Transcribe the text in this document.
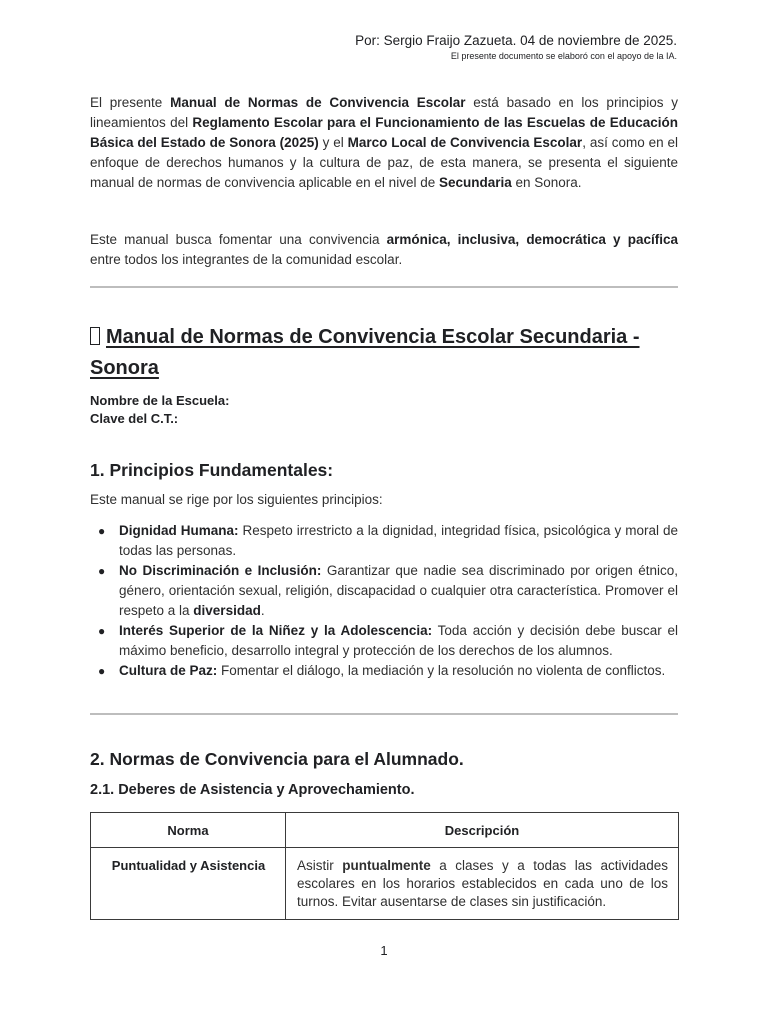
Por: Sergio Fraijo Zazueta. 04 de noviembre de 2025.
El presente documento se elaboró con el apoyo de la IA.

El presente Manual de Normas de Convivencia Escolar está basado en los principios y lineamientos del Reglamento Escolar para el Funcionamiento de las Escuelas de Educación Básica del Estado de Sonora (2025) y el Marco Local de Convivencia Escolar, así como en el enfoque de derechos humanos y la cultura de paz, de esta manera, se presenta el siguiente manual de normas de convivencia aplicable en el nivel de Secundaria en Sonora.

Este manual busca fomentar una convivencia armónica, inclusiva, democrática y pacífica entre todos los integrantes de la comunidad escolar.

Manual de Normas de Convivencia Escolar Secundaria - Sonora
Nombre de la Escuela:
Clave del C.T.:
1. Principios Fundamentales:
Este manual se rige por los siguientes principios:
● Dignidad Humana: Respeto irrestricto a la dignidad, integridad física, psicológica y moral de todas las personas.
● No Discriminación e Inclusión: Garantizar que nadie sea discriminado por origen étnico, género, orientación sexual, religión, discapacidad o cualquier otra característica. Promover el respeto a la diversidad.
● Interés Superior de la Niñez y la Adolescencia: Toda acción y decisión debe buscar el máximo beneficio, desarrollo integral y protección de los derechos de los alumnos.
● Cultura de Paz: Fomentar el diálogo, la mediación y la resolución no violenta de conflictos.
2. Normas de Convivencia para el Alumnado.
2.1. Deberes de Asistencia y Aprovechamiento.
Norma	Descripción
Puntualidad y Asistencia	Asistir puntualmente a clases y a todas las actividades escolares en los horarios establecidos en cada uno de los turnos. Evitar ausentarse de clases sin justificación.
1
